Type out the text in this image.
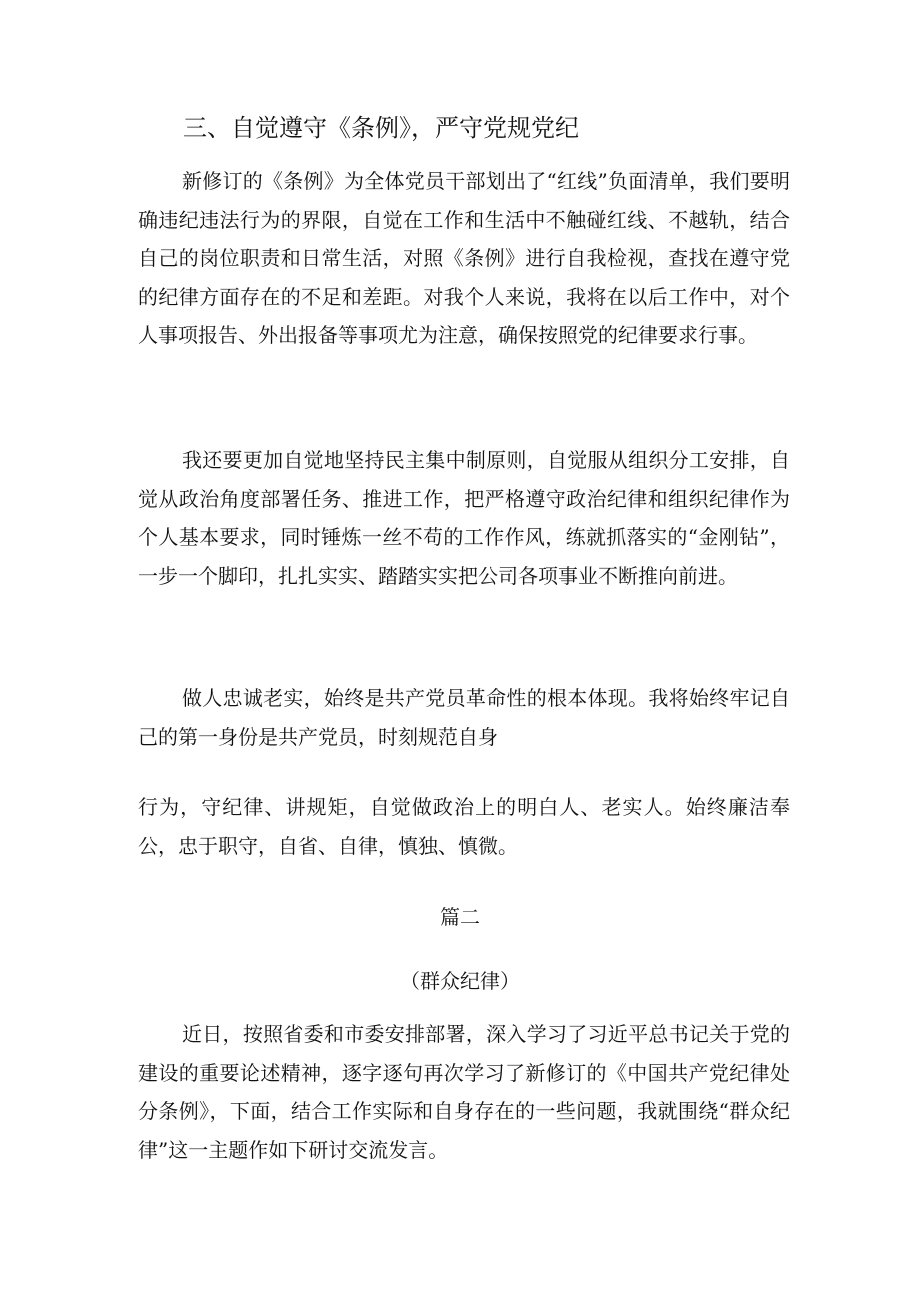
三、自觉遵守《条例》，严守党规党纪

新修订的《条例》为全体党员干部划出了“红线”负面清单，我们要明确违纪违法行为的界限，自觉在工作和生活中不触碰红线、不越轨，结合自己的岗位职责和日常生活，对照《条例》进行自我检视，查找在遵守党的纪律方面存在的不足和差距。对我个人来说，我将在以后工作中，对个人事项报告、外出报备等事项尤为注意，确保按照党的纪律要求行事。

我还要更加自觉地坚持民主集中制原则，自觉服从组织分工安排，自觉从政治角度部署任务、推进工作，把严格遵守政治纪律和组织纪律作为个人基本要求，同时锤炼一丝不苟的工作作风，练就抓落实的“金刚钻”，一步一个脚印，扎扎实实、踏踏实实把公司各项事业不断推向前进。

做人忠诚老实，始终是共产党员革命性的根本体现。我将始终牢记自己的第一身份是共产党员，时刻规范自身

行为，守纪律、讲规矩，自觉做政治上的明白人、老实人。始终廉洁奉公，忠于职守，自省、自律，慎独、慎微。

篇二
（群众纪律）

近日，按照省委和市委安排部署，深入学习了习近平总书记关于党的建设的重要论述精神，逐字逐句再次学习了新修订的《中国共产党纪律处分条例》，下面，结合工作实际和自身存在的一些问题，我就围绕“群众纪律”这一主题作如下研讨交流发言。
